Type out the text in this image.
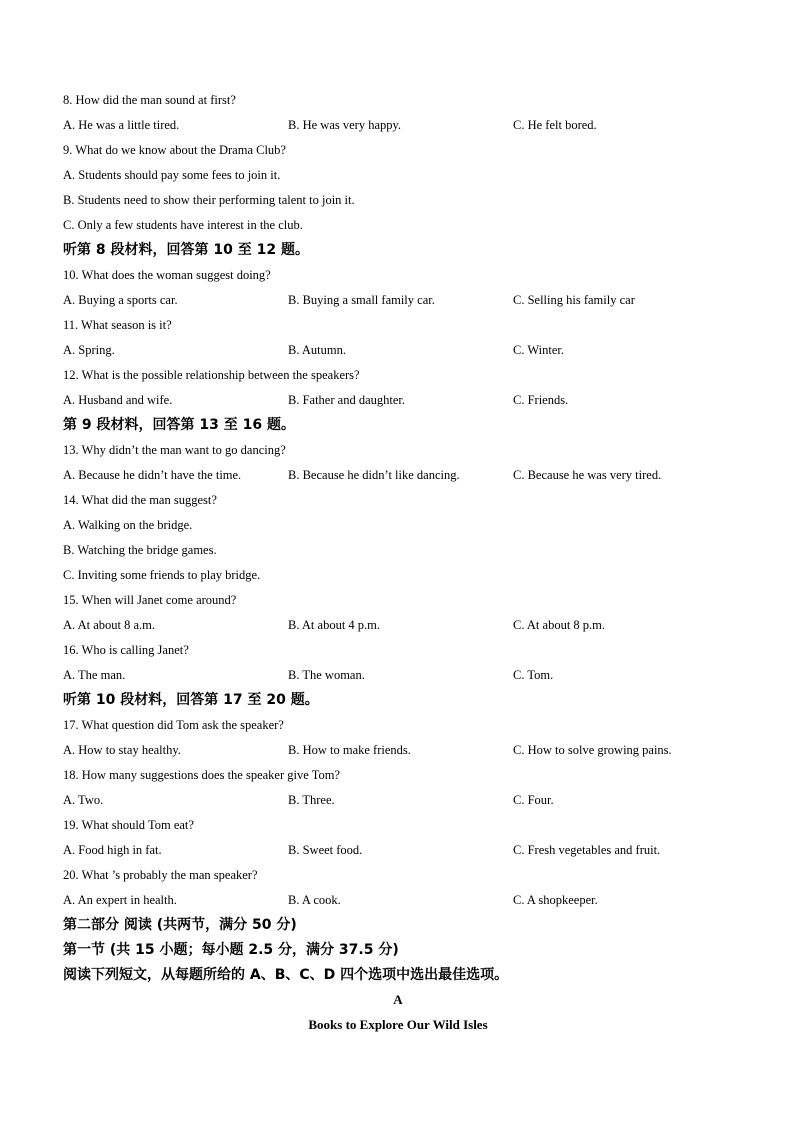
8. How did the man sound at first?
A. He was a little tired.	B. He was very happy.	C. He felt bored.
9. What do we know about the Drama Club?
A. Students should pay some fees to join it.
B. Students need to show their performing talent to join it.
C. Only a few students have interest in the club.
听第 8 段材料，回答第 10 至 12 题。
10. What does the woman suggest doing?
A. Buying a sports car.	B. Buying a small family car.	C. Selling his family car
11. What season is it?
A. Spring.	B. Autumn.	C. Winter.
12. What is the possible relationship between the speakers?
A. Husband and wife.	B. Father and daughter.	C. Friends.
第 9 段材料，回答第 13 至 16 题。
13. Why didn’t the man want to go dancing?
A. Because he didn’t have the time.	B. Because he didn’t like dancing.	C. Because he was very tired.
14. What did the man suggest?
A. Walking on the bridge.
B. Watching the bridge games.
C. Inviting some friends to play bridge.
15. When will Janet come around?
A. At about 8 a.m.	B. At about 4 p.m.	C. At about 8 p.m.
16. Who is calling Janet?
A. The man.	B. The woman.	C. Tom.
听第 10 段材料，回答第 17 至 20 题。
17. What question did Tom ask the speaker?
A. How to stay healthy.	B. How to make friends.	C. How to solve growing pains.
18. How many suggestions does the speaker give Tom?
A. Two.	B. Three.	C. Four.
19. What should Tom eat?
A. Food high in fat.	B. Sweet food.	C. Fresh vegetables and fruit.
20. What ’s probably the man speaker?
A. An expert in health.	B. A cook.	C. A shopkeeper.
第二部分 阅读 (共两节，满分 50 分)
第一节 (共 15 小题；每小题 2.5 分，满分 37.5 分)
阅读下列短文，从每题所给的 A、B、C、D 四个选项中选出最佳选项。
A
Books to Explore Our Wild Isles
